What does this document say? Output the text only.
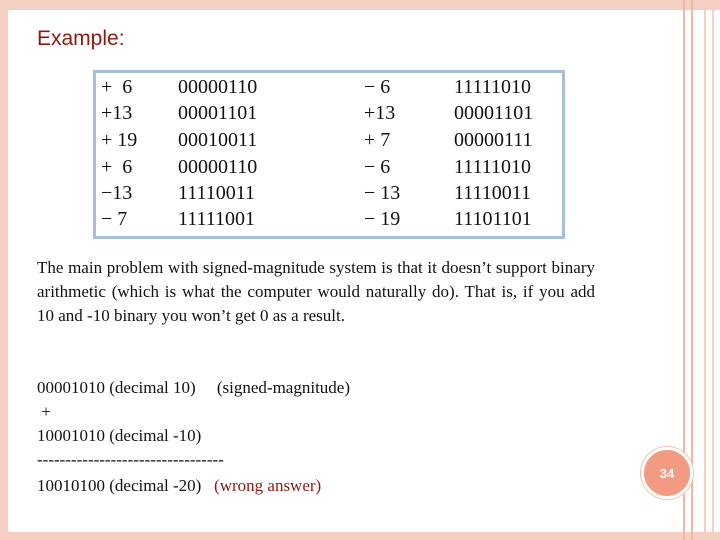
Example:
+  6 00000110	− 6	11111010
+13 00001101	+13	00001101
+ 19 00010011	+ 7	00000111
+  6 00000110	− 6	11111010
−13 11110011	− 13	11110011
− 7	11111001	− 19	11101101
The main problem with signed-magnitude system is that it doesn’t support binary arithmetic (which is what the computer would naturally do). That is, if you add 10 and -10 binary you won’t get 0 as a result.
00001010 (decimal 10)     (signed-magnitude)
+
10001010 (decimal -10)
---------------------------------
10010100 (decimal -20)   (wrong answer)
34
